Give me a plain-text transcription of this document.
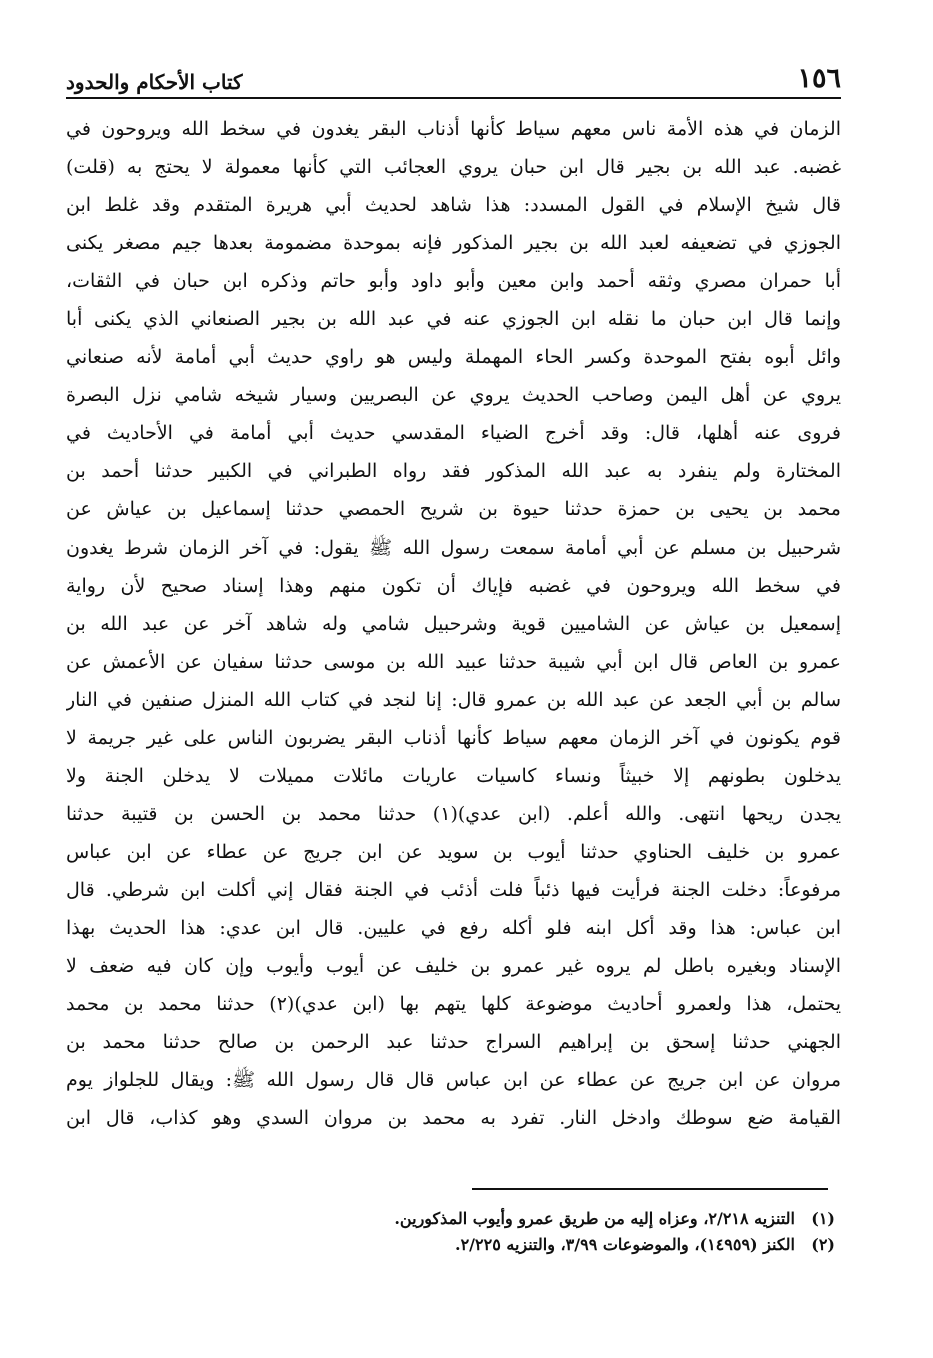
١٥٦
كتاب الأحكام والحدود
الزمان في هذه الأمة ناس معهم سياط كأنها أذناب البقر يغدون في سخط الله ويروحون في
غضبه. عبد الله بن بجير قال ابن حبان يروي العجائب التي كأنها معمولة لا يحتج به (قلت)
قال شيخ الإسلام في القول المسدد: هذا شاهد لحديث أبي هريرة المتقدم وقد غلط ابن
الجوزي في تضعيفه لعبد الله بن بجير المذكور فإنه بموحدة مضمومة بعدها جيم مصغر يكنى
أبا حمران مصري وثقه أحمد وابن معين وأبو داود وأبو حاتم وذكره ابن حبان في الثقات،
وإنما قال ابن حبان ما نقله ابن الجوزي عنه في عبد الله بن بجير الصنعاني الذي يكنى أبا
وائل أبوه بفتح الموحدة وكسر الحاء المهملة وليس هو راوي حديث أبي أمامة لأنه صنعاني
يروي عن أهل اليمن وصاحب الحديث يروي عن البصريين وسيار شيخه شامي نزل البصرة
فروى عنه أهلها، قال: وقد أخرج الضياء المقدسي حديث أبي أمامة في الأحاديث في
المختارة ولم ينفرد به عبد الله المذكور فقد رواه الطبراني في الكبير حدثنا أحمد بن
محمد بن يحيى بن حمزة حدثنا حيوة بن شريح الحمصي حدثنا إسماعيل بن عياش عن
شرحبيل بن مسلم عن أبي أمامة سمعت رسول الله ﷺ يقول: في آخر الزمان شرط يغدون
في سخط الله ويروحون في غضبه فإياك أن تكون منهم وهذا إسناد صحيح لأن رواية
إسمعيل بن عياش عن الشاميين قوية وشرحبيل شامي وله شاهد آخر عن عبد الله بن
عمرو بن العاص قال ابن أبي شيبة حدثنا عبيد الله بن موسى حدثنا سفيان عن الأعمش عن
سالم بن أبي الجعد عن عبد الله بن عمرو قال: إنا لنجد في كتاب الله المنزل صنفين في النار
قوم يكونون في آخر الزمان معهم سياط كأنها أذناب البقر يضربون الناس على غير جريمة لا
يدخلون بطونهم إلا خبيثاً ونساء كاسيات عاريات مائلات مميلات لا يدخلن الجنة ولا
يجدن ريحها انتهى. والله أعلم. (ابن عدي)(١) حدثنا محمد بن الحسن بن قتيبة حدثنا
عمرو بن خليف الحناوي حدثنا أيوب بن سويد عن ابن جريج عن عطاء عن ابن عباس
مرفوعاً: دخلت الجنة فرأيت فيها ذئباً فلت أذئب في الجنة فقال إني أكلت ابن شرطي. قال
ابن عباس: هذا وقد أكل ابنه فلو أكله رفع في عليين. قال ابن عدي: هذا الحديث بهذا
الإسناد وبغيره باطل لم يروه غير عمرو بن خليف عن أيوب وأيوب وإن كان فيه ضعف لا
يحتمل، هذا ولعمرو أحاديث موضوعة كلها يتهم بها (ابن عدي)(٢) حدثنا محمد بن محمد
الجهني حدثنا إسحق بن إبراهيم السراج حدثنا عبد الرحمن بن صالح حدثنا محمد بن
مروان عن ابن جريج عن عطاء عن ابن عباس قال قال رسول الله ﷺ: ويقال للجلواز يوم
القيامة ضع سوطك وادخل النار. تفرد به محمد بن مروان السدي وهو كذاب، قال ابن
(١)
التنزيه ٢/٢١٨، وعزاه إليه من طريق عمرو وأيوب المذكورين.
(٢)
الكنز (١٤٩٥٩)، والموضوعات ٣/٩٩، والتنزيه ٢/٢٢٥.
